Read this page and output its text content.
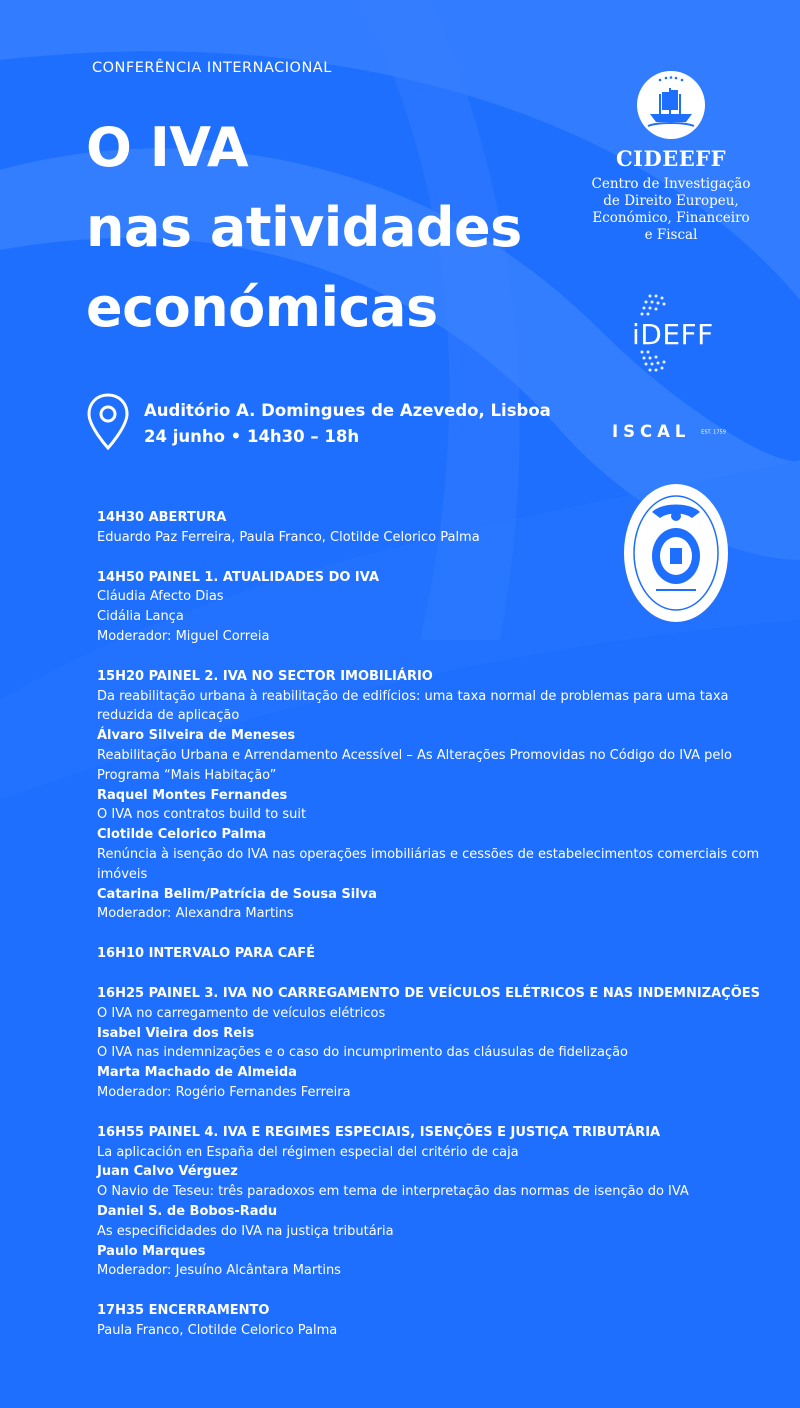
CONFERÊNCIA INTERNACIONAL
O IVA
nas atividades
económicas
Auditório A. Domingues de Azevedo, Lisboa
24 junho • 14h30 – 18h
CIDEEFF
Centro de Investigação
de Direito Europeu,
Económico, Financeiro
e Fiscal
iDEFF
ISCAL EST. 1759
14H30 ABERTURA
Eduardo Paz Ferreira, Paula Franco, Clotilde Celorico Palma
14H50 PAINEL 1. ATUALIDADES DO IVA
Cláudia Afecto Dias
Cidália Lança
Moderador: Miguel Correia
15H20 PAINEL 2. IVA NO SECTOR IMOBILIÁRIO
Da reabilitação urbana à reabilitação de edifícios: uma taxa normal de problemas para uma taxa reduzida de aplicação
Álvaro Silveira de Meneses
Reabilitação Urbana e Arrendamento Acessível – As Alterações Promovidas no Código do IVA pelo Programa “Mais Habitação”
Raquel Montes Fernandes
O IVA nos contratos build to suit
Clotilde Celorico Palma
Renúncia à isenção do IVA nas operações imobiliárias e cessões de estabelecimentos comerciais com imóveis
Catarina Belim/Patrícia de Sousa Silva
Moderador: Alexandra Martins
16H10 INTERVALO PARA CAFÉ
16H25 PAINEL 3. IVA NO CARREGAMENTO DE VEÍCULOS ELÉTRICOS E NAS INDEMNIZAÇÕES
O IVA no carregamento de veículos elétricos
Isabel Vieira dos Reis
O IVA nas indemnizações e o caso do incumprimento das cláusulas de fidelização
Marta Machado de Almeida
Moderador: Rogério Fernandes Ferreira
16H55 PAINEL 4. IVA E REGIMES ESPECIAIS, ISENÇÕES E JUSTIÇA TRIBUTÁRIA
La aplicación en España del régimen especial del critério de caja
Juan Calvo Vérguez
O Navio de Teseu: três paradoxos em tema de interpretação das normas de isenção do IVA
Daniel S. de Bobos-Radu
As especificidades do IVA na justiça tributária
Paulo Marques
Moderador: Jesuíno Alcântara Martins
17H35 ENCERRAMENTO
Paula Franco, Clotilde Celorico Palma
